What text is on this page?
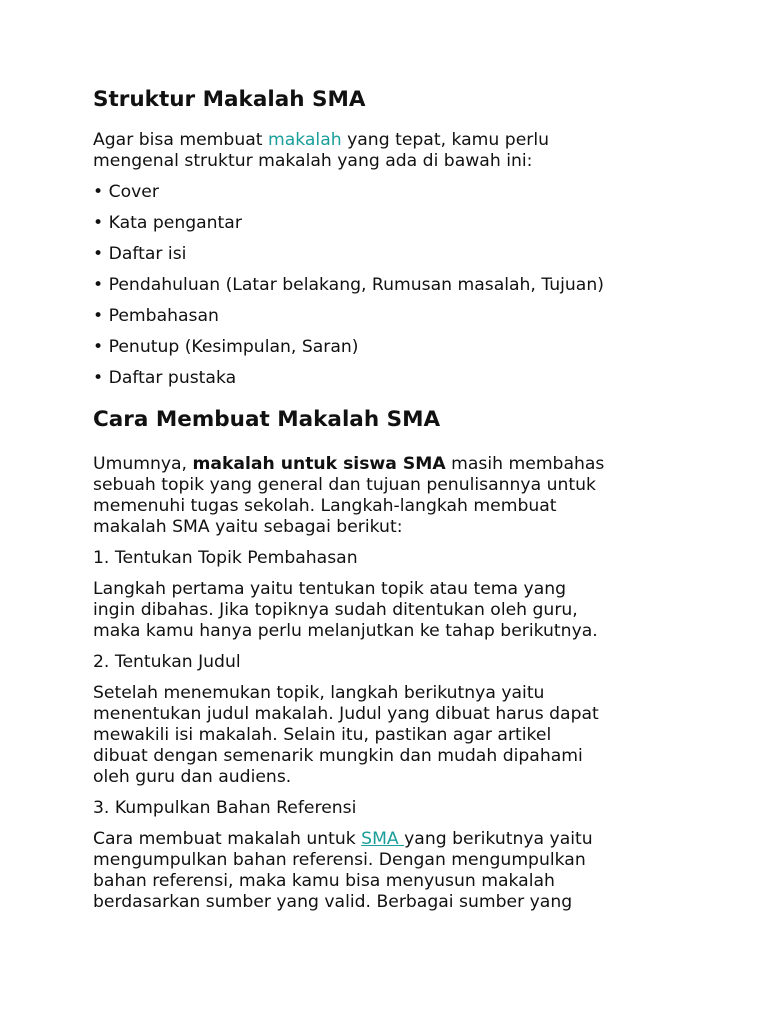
Struktur Makalah SMA

Agar bisa membuat makalah yang tepat, kamu perlu
mengenal struktur makalah yang ada di bawah ini:

• Cover

• Kata pengantar

• Daftar isi

• Pendahuluan (Latar belakang, Rumusan masalah, Tujuan)

• Pembahasan

• Penutup (Kesimpulan, Saran)

• Daftar pustaka

Cara Membuat Makalah SMA

Umumnya, makalah untuk siswa SMA masih membahas
sebuah topik yang general dan tujuan penulisannya untuk
memenuhi tugas sekolah. Langkah-langkah membuat
makalah SMA yaitu sebagai berikut:

1. Tentukan Topik Pembahasan

Langkah pertama yaitu tentukan topik atau tema yang
ingin dibahas. Jika topiknya sudah ditentukan oleh guru,
maka kamu hanya perlu melanjutkan ke tahap berikutnya.

2. Tentukan Judul

Setelah menemukan topik, langkah berikutnya yaitu
menentukan judul makalah. Judul yang dibuat harus dapat
mewakili isi makalah. Selain itu, pastikan agar artikel
dibuat dengan semenarik mungkin dan mudah dipahami
oleh guru dan audiens.

3. Kumpulkan Bahan Referensi

Cara membuat makalah untuk SMA yang berikutnya yaitu
mengumpulkan bahan referensi. Dengan mengumpulkan
bahan referensi, maka kamu bisa menyusun makalah
berdasarkan sumber yang valid. Berbagai sumber yang
